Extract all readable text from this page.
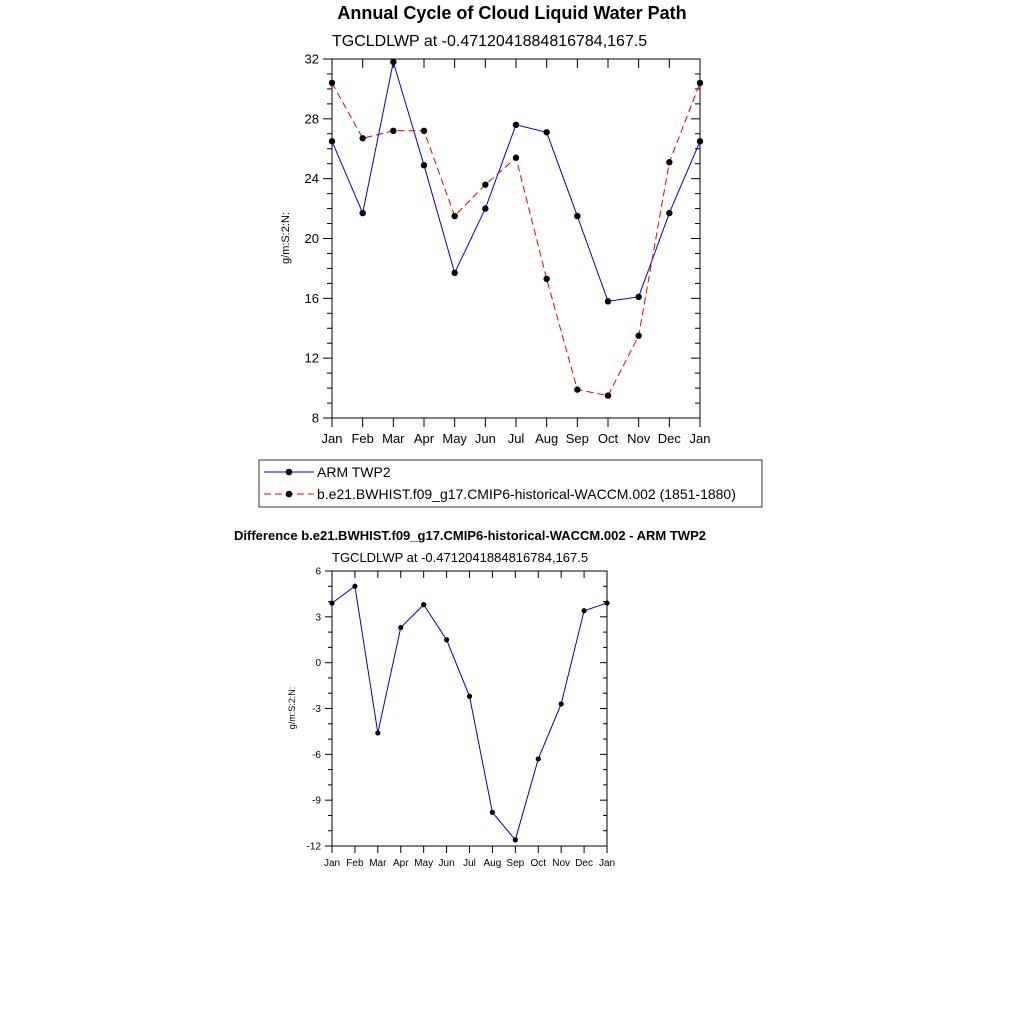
Annual Cycle of Cloud Liquid Water Path
TGCLDLWP at -0.47120418848167​84,167.5
g/m:S:2:N:
8
12
16
20
24
28
32
Jan Feb Mar Apr May Jun Jul Aug Sep Oct Nov Dec Jan
ARM TWP2
b.e21.BWHIST.f09_g17.CMIP6-historical-WACCM.002 (1851-1880)
Difference b.e21.BWHIST.f09_g17.CMIP6-historical-WACCM.002 - ARM TWP2
TGCLDLWP at -0.4712041884816784,167.5
g/m:S:2:N:
-12
-9
-6
-3
0
3
6
Jan Feb Mar Apr May Jun Jul Aug Sep Oct Nov Dec Jan
